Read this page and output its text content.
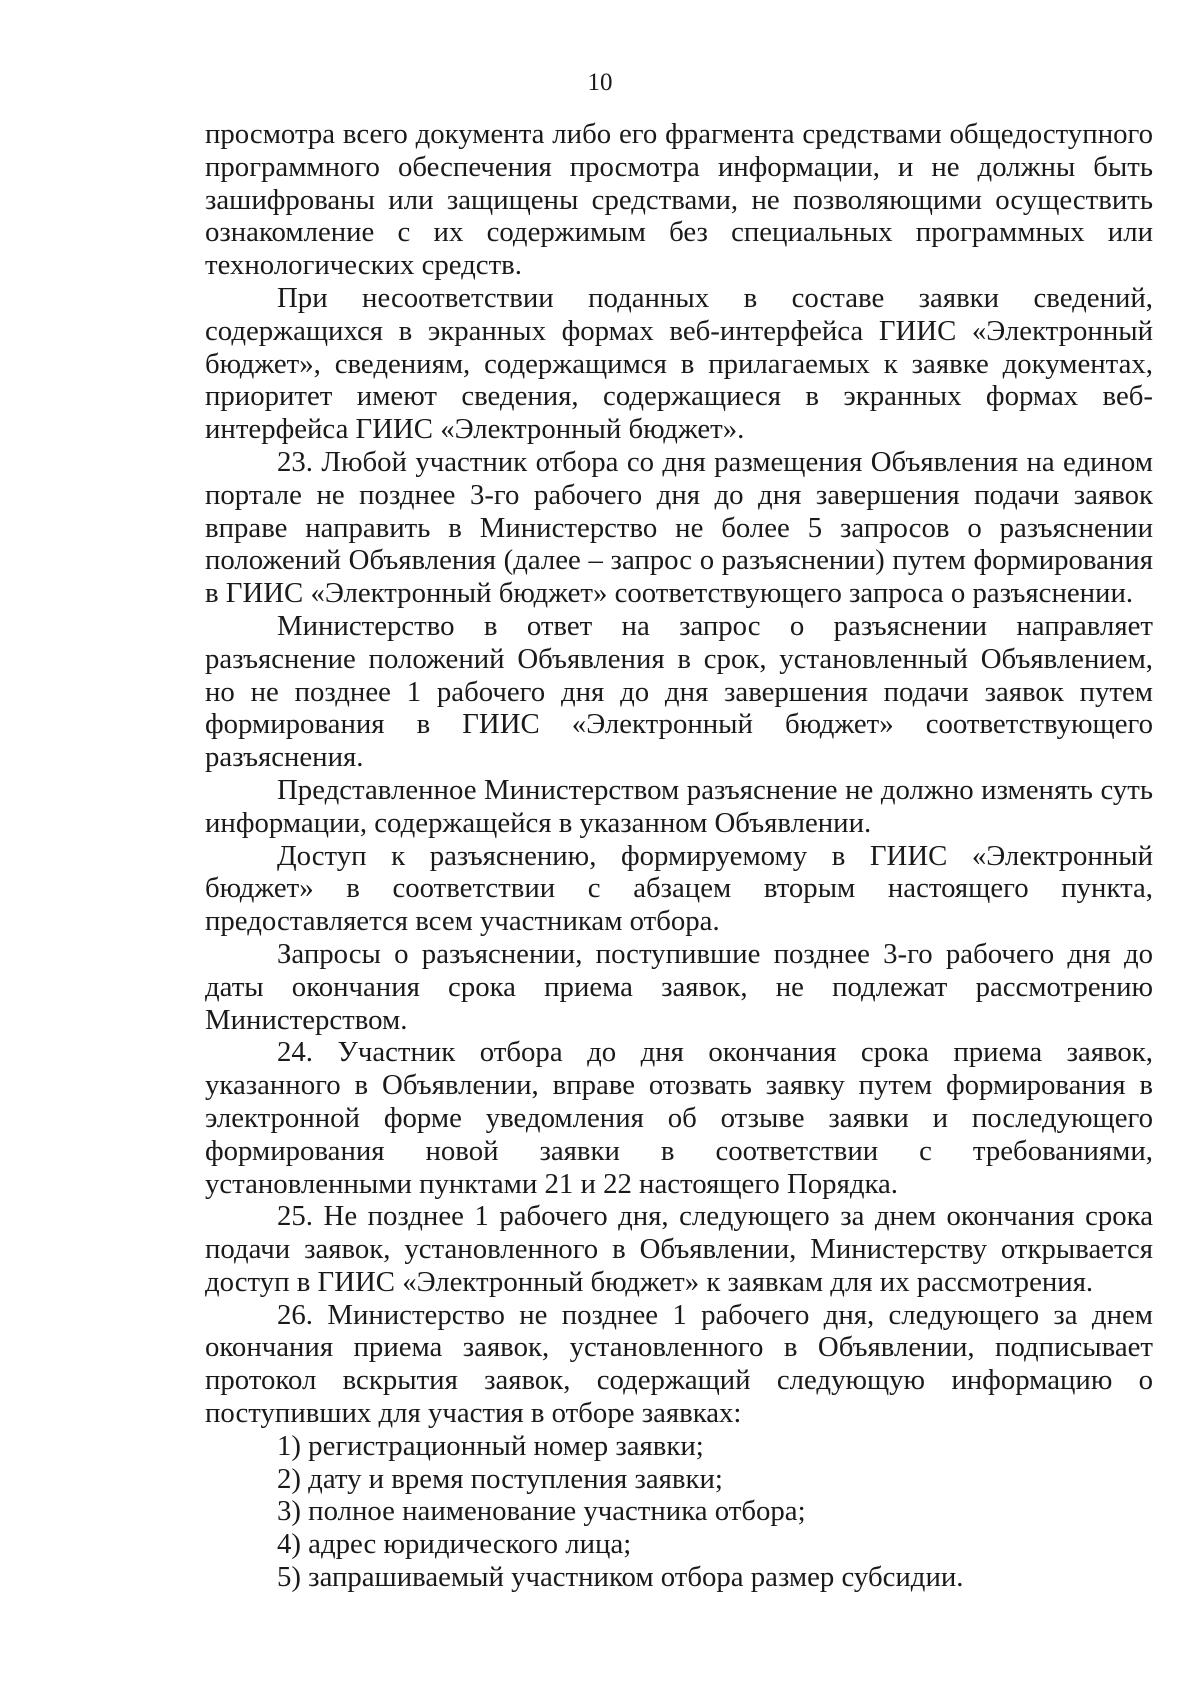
10

просмотра всего документа либо его фрагмента средствами общедоступного программного обеспечения просмотра информации, и не должны быть зашифрованы или защищены средствами, не позволяющими осуществить ознакомление с их содержимым без специальных программных или технологических средств.

При несоответствии поданных в составе заявки сведений, содержащихся в экранных формах веб-интерфейса ГИИС «Электронный бюджет», сведениям, содержащимся в прилагаемых к заявке документах, приоритет имеют сведения, содержащиеся в экранных формах веб-интерфейса ГИИС «Электронный бюджет».

23. Любой участник отбора со дня размещения Объявления на едином портале не позднее 3-го рабочего дня до дня завершения подачи заявок вправе направить в Министерство не более 5 запросов о разъяснении положений Объявления (далее – запрос о разъяснении) путем формирования в ГИИС «Электронный бюджет» соответствующего запроса о разъяснении.

Министерство в ответ на запрос о разъяснении направляет разъяснение положений Объявления в срок, установленный Объявлением, но не позднее 1 рабочего дня до дня завершения подачи заявок путем формирования в ГИИС «Электронный бюджет» соответствующего разъяснения.

Представленное Министерством разъяснение не должно изменять суть информации, содержащейся в указанном Объявлении.

Доступ к разъяснению, формируемому в ГИИС «Электронный бюджет» в соответствии с абзацем вторым настоящего пункта, предоставляется всем участникам отбора.

Запросы о разъяснении, поступившие позднее 3-го рабочего дня до даты окончания срока приема заявок, не подлежат рассмотрению Министерством.

24. Участник отбора до дня окончания срока приема заявок, указанного в Объявлении, вправе отозвать заявку путем формирования в электронной форме уведомления об отзыве заявки и последующего формирования новой заявки в соответствии с требованиями, установленными пунктами 21 и 22 настоящего Порядка.

25. Не позднее 1 рабочего дня, следующего за днем окончания срока подачи заявок, установленного в Объявлении, Министерству открывается доступ в ГИИС «Электронный бюджет» к заявкам для их рассмотрения.

26. Министерство не позднее 1 рабочего дня, следующего за днем окончания приема заявок, установленного в Объявлении, подписывает протокол вскрытия заявок, содержащий следующую информацию о поступивших для участия в отборе заявках:

1) регистрационный номер заявки;

2) дату и время поступления заявки;

3) полное наименование участника отбора;

4) адрес юридического лица;

5) запрашиваемый участником отбора размер субсидии.
